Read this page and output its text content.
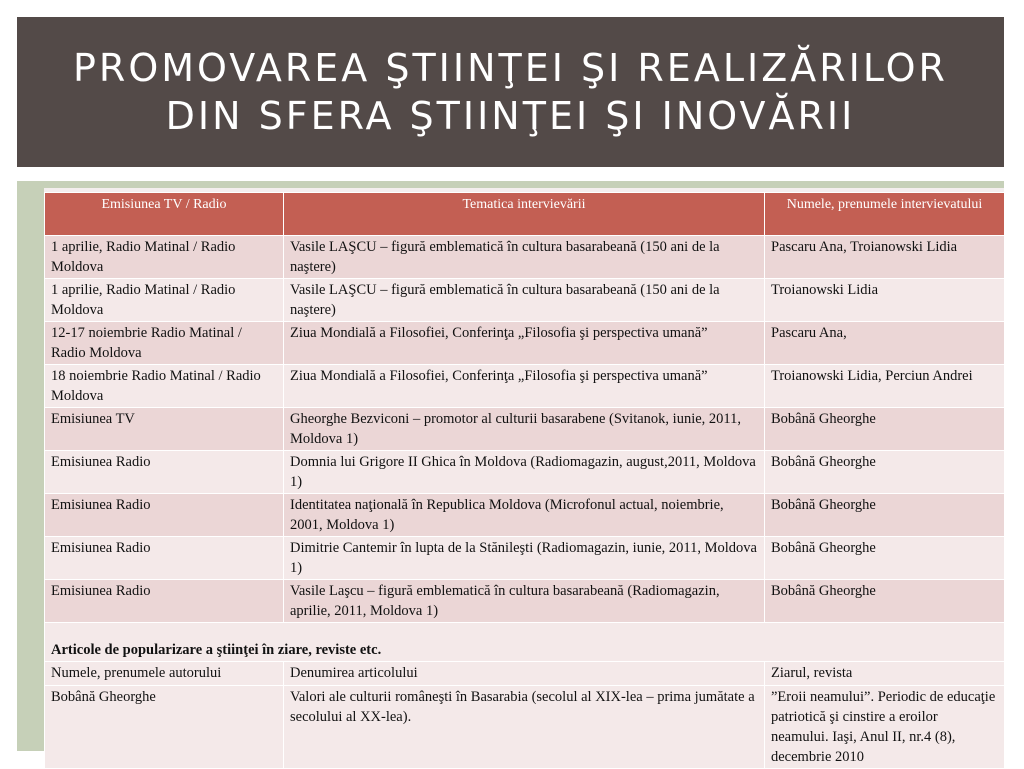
PROMOVAREA ŞTIINŢEI ŞI REALIZĂRILOR
DIN SFERA ŞTIINŢEI ŞI INOVĂRII
Emisiunea TV / Radio	Tematica intervievării	Numele, prenumele intervievatului
1 aprilie, Radio Matinal / Radio Moldova	Vasile LAŞCU – figură emblematică în cultura basarabeană (150 ani de la naştere)	Pascaru Ana, Troianowski Lidia
1 aprilie, Radio Matinal / Radio Moldova	Vasile LAŞCU – figură emblematică în cultura basarabeană (150 ani de la naştere)	Troianowski Lidia
12-17 noiembrie Radio Matinal / Radio Moldova	Ziua Mondială a Filosofiei, Conferinţa „Filosofia şi perspectiva umană”	Pascaru Ana,
18 noiembrie Radio Matinal / Radio Moldova	Ziua Mondială a Filosofiei, Conferinţa „Filosofia şi perspectiva umană”	Troianowski Lidia, Perciun Andrei
Emisiunea TV	Gheorghe Bezviconi – promotor al culturii basarabene (Svitanok, iunie, 2011, Moldova 1)	Bobână Gheorghe
Emisiunea Radio	Domnia lui Grigore II Ghica în Moldova (Radiomagazin, august,2011, Moldova 1)	Bobână Gheorghe
Emisiunea Radio	Identitatea naţională în Republica Moldova (Microfonul actual, noiembrie, 2001, Moldova 1)	Bobână Gheorghe
Emisiunea Radio	Dimitrie Cantemir în lupta de la Stănileşti (Radiomagazin, iunie, 2011, Moldova 1)	Bobână Gheorghe
Emisiunea Radio	Vasile Laşcu – figură emblematică în cultura basarabeană (Radiomagazin, aprilie, 2011, Moldova 1)	Bobână Gheorghe
Articole de popularizare a ştiinţei în ziare, reviste etc.		
Numele, prenumele autorului	Denumirea articolului	Ziarul, revista
Bobână Gheorghe	Valori ale culturii româneşti în Basarabia (secolul al XIX-lea – prima jumătate a secolului al XX-lea).	”Eroii neamului”. Periodic de educaţie patriotică şi cinstire a eroilor neamului. Iaşi, Anul II, nr.4 (8), decembrie 2010
